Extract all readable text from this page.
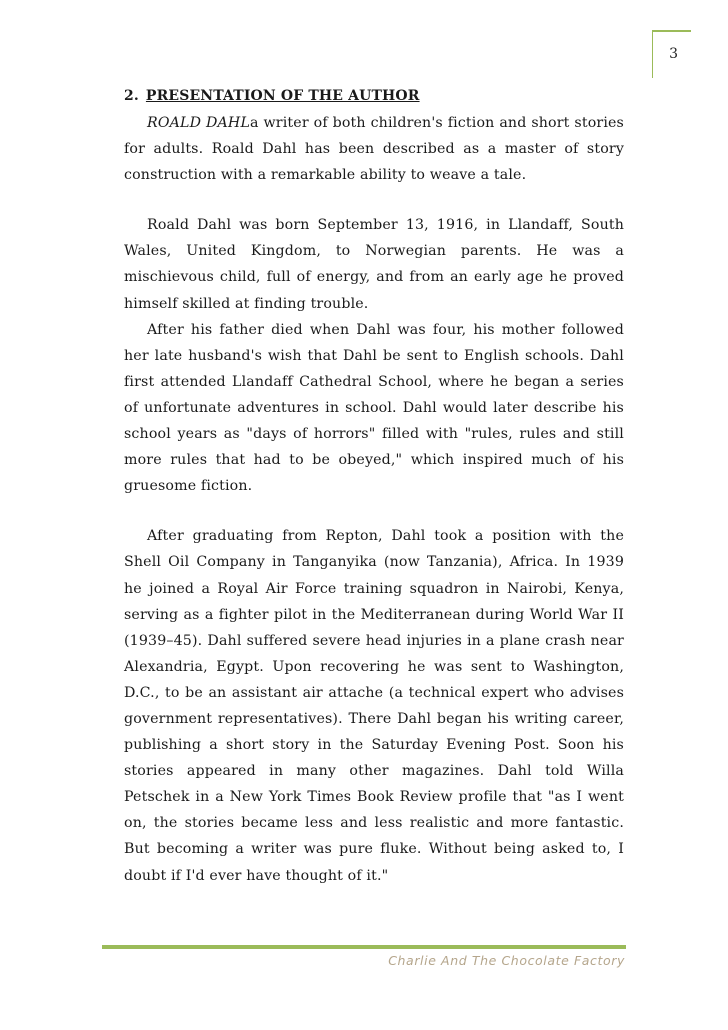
3
2. PRESENTATION OF THE AUTHOR

ROALD DAHLa writer of both children's fiction and short stories for adults. Roald Dahl has been described as a master of story construction with a remarkable ability to weave a tale.

Roald Dahl was born September 13, 1916, in Llandaff, South Wales, United Kingdom, to Norwegian parents. He was a mischievous child, full of energy, and from an early age he proved himself skilled at finding trouble.

After his father died when Dahl was four, his mother followed her late husband's wish that Dahl be sent to English schools. Dahl first attended Llandaff Cathedral School, where he began a series of unfortunate adventures in school. Dahl would later describe his school years as "days of horrors" filled with "rules, rules and still more rules that had to be obeyed," which inspired much of his gruesome fiction.

After graduating from Repton, Dahl took a position with the Shell Oil Company in Tanganyika (now Tanzania), Africa. In 1939 he joined a Royal Air Force training squadron in Nairobi, Kenya, serving as a fighter pilot in the Mediterranean during World War II (1939–45). Dahl suffered severe head injuries in a plane crash near Alexandria, Egypt. Upon recovering he was sent to Washington, D.C., to be an assistant air attache (a technical expert who advises government representatives). There Dahl began his writing career, publishing a short story in the Saturday Evening Post. Soon his stories appeared in many other magazines. Dahl told Willa Petschek in a New York Times Book Review profile that "as I went on, the stories became less and less realistic and more fantastic. But becoming a writer was pure fluke. Without being asked to, I doubt if I'd ever have thought of it."

Charlie And The Chocolate Factory
